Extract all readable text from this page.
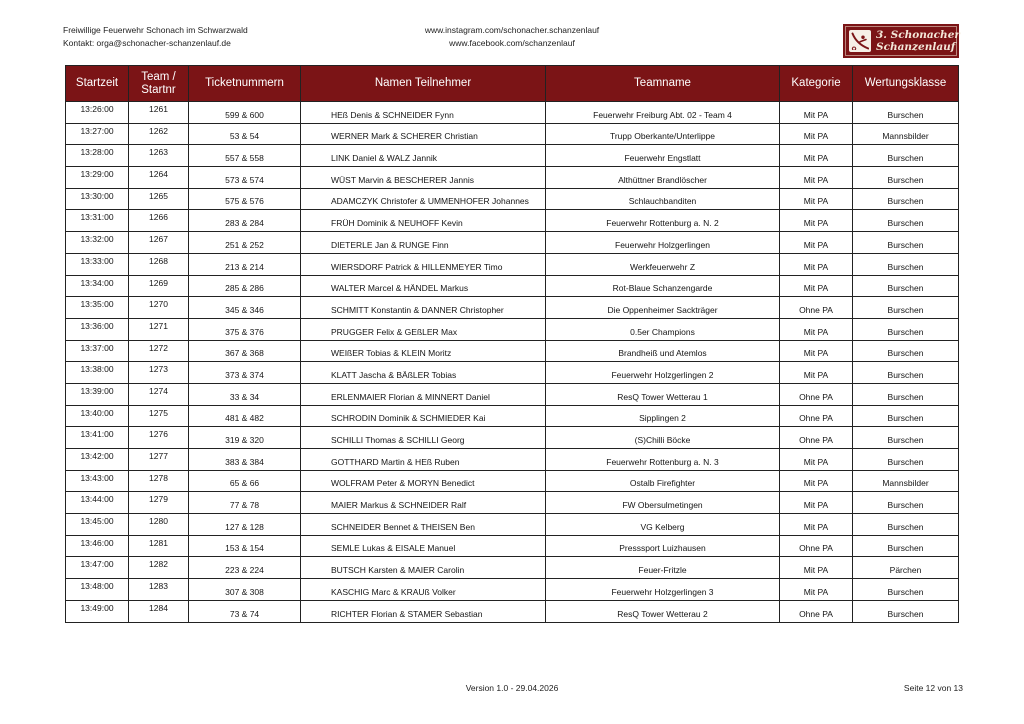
Freiwillige Feuerwehr Schonach im Schwarzwald
Kontakt: orga@schonacher-schanzenlauf.de
www.instagram.com/schonacher.schanzenlauf
www.facebook.com/schanzenlauf
3. Schonacher
Schanzenlauf
Startzeit	Team / Startnr	Ticketnummern	Namen Teilnehmer	Teamname	Kategorie	Wertungsklasse
13:26:00	1261	599 & 600	HEß Denis & SCHNEIDER Fynn	Feuerwehr Freiburg Abt. 02 - Team 4	Mit PA	Burschen
13:27:00	1262	53 & 54	WERNER Mark & SCHERER Christian	Trupp Oberkante/Unterlippe	Mit PA	Mannsbilder
13:28:00	1263	557 & 558	LINK Daniel & WALZ Jannik	Feuerwehr Engstlatt	Mit PA	Burschen
13:29:00	1264	573 & 574	WÜST Marvin & BESCHERER Jannis	Althüttner Brandlöscher	Mit PA	Burschen
13:30:00	1265	575 & 576	ADAMCZYK Christofer & UMMENHOFER Johannes	Schlauchbanditen	Mit PA	Burschen
13:31:00	1266	283 & 284	FRÜH Dominik & NEUHOFF Kevin	Feuerwehr Rottenburg a. N. 2	Mit PA	Burschen
13:32:00	1267	251 & 252	DIETERLE Jan & RUNGE Finn	Feuerwehr Holzgerlingen	Mit PA	Burschen
13:33:00	1268	213 & 214	WIERSDORF Patrick & HILLENMEYER Timo	Werkfeuerwehr Z	Mit PA	Burschen
13:34:00	1269	285 & 286	WALTER Marcel & HÄNDEL Markus	Rot-Blaue Schanzengarde	Mit PA	Burschen
13:35:00	1270	345 & 346	SCHMITT Konstantin & DANNER Christopher	Die Oppenheimer Sackträger	Ohne PA	Burschen
13:36:00	1271	375 & 376	PRUGGER Felix & GEßLER Max	0.5er Champions	Mit PA	Burschen
13:37:00	1272	367 & 368	WEIßER Tobias & KLEIN Moritz	Brandheiß und Atemlos	Mit PA	Burschen
13:38:00	1273	373 & 374	KLATT Jascha & BÄßLER Tobias	Feuerwehr Holzgerlingen 2	Mit PA	Burschen
13:39:00	1274	33 & 34	ERLENMAIER Florian & MINNERT Daniel	ResQ Tower Wetterau 1	Ohne PA	Burschen
13:40:00	1275	481 & 482	SCHRODIN Dominik & SCHMIEDER Kai	Sipplingen 2	Ohne PA	Burschen
13:41:00	1276	319 & 320	SCHILLI Thomas & SCHILLI Georg	(S)Chilli Böcke	Ohne PA	Burschen
13:42:00	1277	383 & 384	GOTTHARD Martin & HEß Ruben	Feuerwehr Rottenburg a. N. 3	Mit PA	Burschen
13:43:00	1278	65 & 66	WOLFRAM Peter & MORYN Benedict	Ostalb Firefighter	Mit PA	Mannsbilder
13:44:00	1279	77 & 78	MAIER Markus & SCHNEIDER Ralf	FW Obersulmetingen	Mit PA	Burschen
13:45:00	1280	127 & 128	SCHNEIDER Bennet & THEISEN Ben	VG Kelberg	Mit PA	Burschen
13:46:00	1281	153 & 154	SEMLE Lukas & EISALE Manuel	Presssport Luizhausen	Ohne PA	Burschen
13:47:00	1282	223 & 224	BUTSCH Karsten & MAIER Carolin	Feuer-Fritzle	Mit PA	Pärchen
13:48:00	1283	307 & 308	KASCHIG Marc & KRAUß Volker	Feuerwehr Holzgerlingen 3	Mit PA	Burschen
13:49:00	1284	73 & 74	RICHTER Florian & STAMER Sebastian	ResQ Tower Wetterau 2	Ohne PA	Burschen
Version 1.0 - 29.04.2026	Seite 12 von 13
